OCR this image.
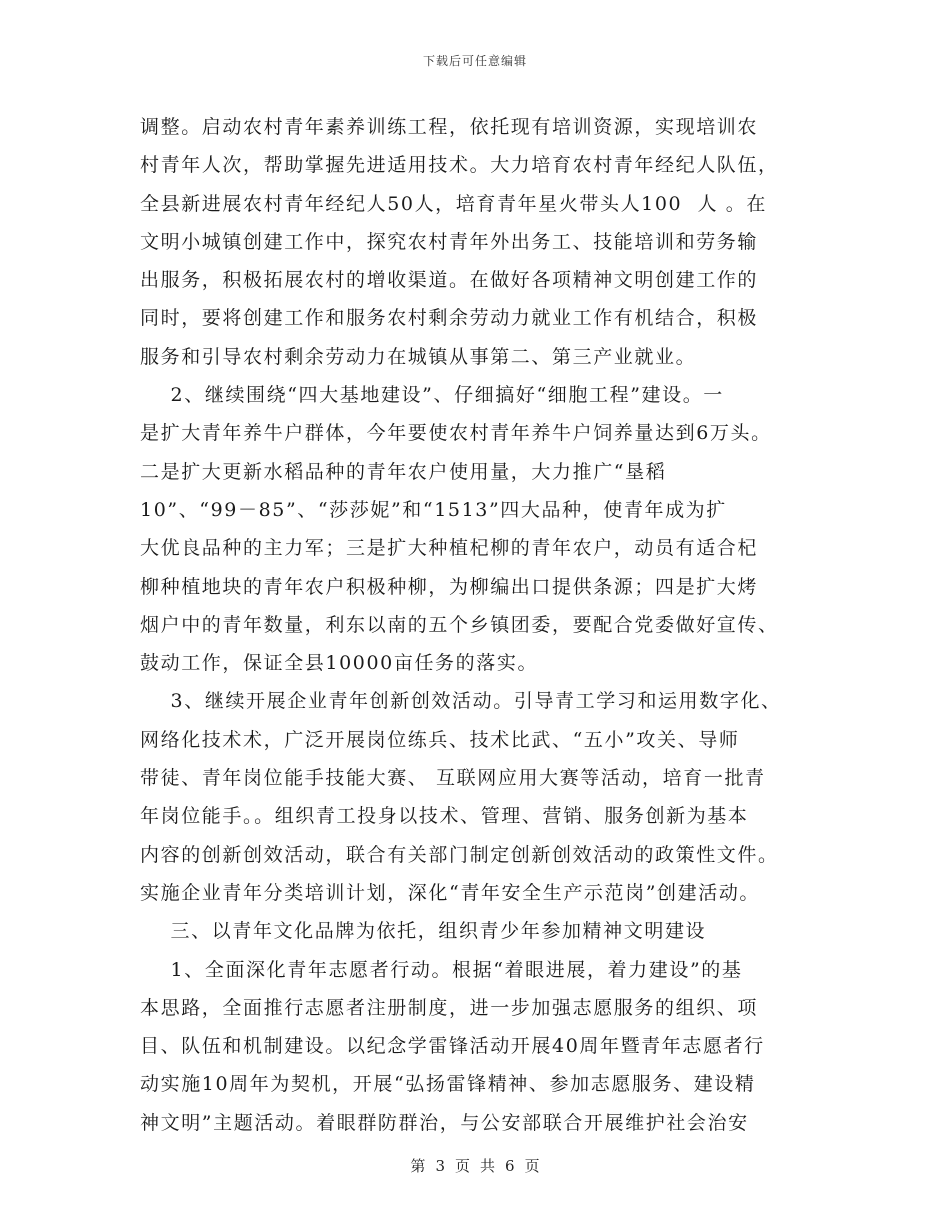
下载后可任意编辑
调整。启动农村青年素养训练工程，依托现有培训资源，实现培训农
村青年人次，帮助掌握先进适用技术。大力培育农村青年经纪人队伍，
全县新进展农村青年经纪人50人，培育青年星火带头人100  人 。在
文明小城镇创建工作中，探究农村青年外出务工、技能培训和劳务输
出服务，积极拓展农村的增收渠道。在做好各项精神文明创建工作的
同时，要将创建工作和服务农村剩余劳动力就业工作有机结合，积极
服务和引导农村剩余劳动力在城镇从事第二、第三产业就业。
2、继续围绕“四大基地建设”、仔细搞好“细胞工程”建设。一
是扩大青年养牛户群体，今年要使农村青年养牛户饲养量达到6万头。
二是扩大更新水稻品种的青年农户使用量，大力推广“垦稻
10”、“99－85”、“莎莎妮”和“1513”四大品种，使青年成为扩
大优良品种的主力军；三是扩大种植杞柳的青年农户，动员有适合杞
柳种植地块的青年农户积极种柳，为柳编出口提供条源；四是扩大烤
烟户中的青年数量，利东以南的五个乡镇团委，要配合党委做好宣传、
鼓动工作，保证全县10000亩任务的落实。
3、继续开展企业青年创新创效活动。引导青工学习和运用数字化、
网络化技术术，广泛开展岗位练兵、技术比武、“五小”攻关、导师
带徒、青年岗位能手技能大赛、 互联网应用大赛等活动，培育一批青
年岗位能手。。组织青工投身以技术、管理、营销、服务创新为基本
内容的创新创效活动，联合有关部门制定创新创效活动的政策性文件。
实施企业青年分类培训计划，深化“青年安全生产示范岗”创建活动。
三、以青年文化品牌为依托，组织青少年参加精神文明建设
1、全面深化青年志愿者行动。根据“着眼进展，着力建设”的基
本思路，全面推行志愿者注册制度，进一步加强志愿服务的组织、项
目、队伍和机制建设。以纪念学雷锋活动开展40周年暨青年志愿者行
动实施10周年为契机，开展“弘扬雷锋精神、参加志愿服务、建设精
神文明”主题活动。着眼群防群治，与公安部联合开展维护社会治安
第 3 页 共 6 页
